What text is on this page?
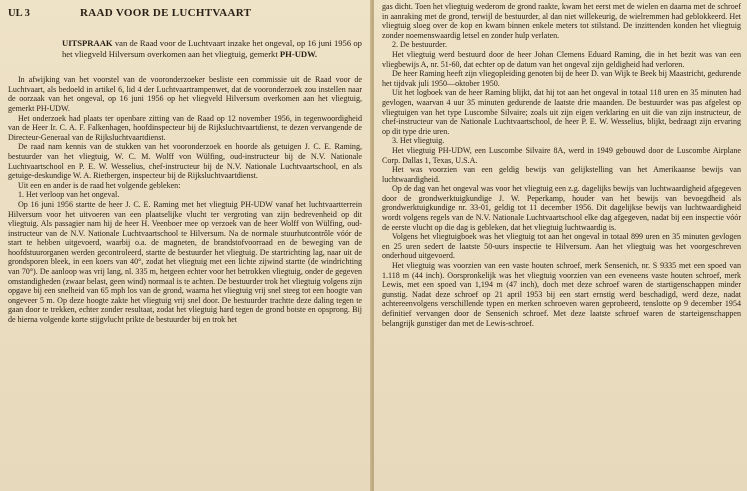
UL 3	RAAD VOOR DE LUCHTVAART
UITSPRAAK van de Raad voor de Luchtvaart inzake het ongeval, op 16 juni 1956 op het vliegveld Hilversum overkomen aan het vliegtuig, gemerkt PH-UDW.

In afwijking van het voorstel van de vooronderzoeker besliste een commissie uit de Raad voor de Luchtvaart, als bedoeld in artikel 6, lid 4 der Luchtvaartrampenwet, dat de vooronderzoek zou instellen naar de oorzaak van het ongeval, op 16 juni 1956 op het vliegveld Hilversum overkomen aan het vliegtuig, gemerkt PH-UDW.

Het onderzoek had plaats ter openbare zitting van de Raad op 12 november 1956, in tegenwoordigheid van de Heer Ir. C. A. F. Falkenhagen, hoofdinspecteur bij de Rijksluchtvaartdienst, te dezen vervangende de Directeur-Generaal van de Rijksluchtvaartdienst.

De raad nam kennis van de stukken van het vooronderzoek en hoorde als getuigen J. C. E. Raming, bestuurder van het vliegtuig, W. C. M. Wolff von Wülfing, oud-instructeur bij de N.V. Nationale Luchtvaartschool en P. E. W. Wesselius, chef-instructeur bij de N.V. Nationale Luchtvaartschool, en als getuige-deskundige W. A. Rietbergen, inspecteur bij de Rijksluchtvaartdienst.

Uit een en ander is de raad het volgende gebleken:

1. Het verloop van het ongeval.

Op 16 juni 1956 startte de heer J. C. E. Raming met het vliegtuig PH-UDW vanaf het luchtvaartterrein Hilversum voor het uitvoeren van een plaatselijke vlucht ter vergroting van zijn bedrevenheid op dit vliegtuig. Als passagier nam hij de heer H. Veenboer mee op verzoek van de heer Wolff von Wülfing, oud-instructeur van de N.V. Nationale Luchtvaartschool te Hilversum. Na de normale stuurhutcontrôle vóór de start te hebben uitgevoerd, waarbij o.a. de magneten, de brandstofvoorraad en de beweging van de hoofdstuurorganen werden gecontroleerd, startte de bestuurder het vliegtuig. De startrichting lag, naar uit de grondsporen bleek, in een koers van 40°, zodat het vliegtuig met een lichte zijwind startte (de windrichting van 70°). De aanloop was vrij lang, nl. 335 m, hetgeen echter voor het betrokken vliegtuig, onder de gegeven omstandigheden (zwaar belast, geen wind) normaal is te achten. De bestuurder trok het vliegtuig volgens zijn opgave bij een snelheid van 65 mph los van de grond, waarna het vliegtuig vrij snel steeg tot een hoogte van ongeveer 5 m. Op deze hoogte zakte het vliegtuig vrij snel door. De bestuurder trachtte deze daling tegen te gaan door te trekken, echter zonder resultaat, zodat het vliegtuig hard tegen de grond botste en opsprong. Bij de hierna volgende korte stijgvlucht prikte de bestuurder bij en trok het

gas dicht. Toen het vliegtuig wederom de grond raakte, kwam het eerst met de wielen en daarna met de schroef in aanraking met de grond, terwijl de bestuurder, al dan niet willekeurig, de wielremmen had geblokkeerd. Het vliegtuig sloeg over de kop en kwam binnen enkele meters tot stilstand. De inzittenden konden het vliegtuig zonder noemenswaardig letsel en zonder hulp verlaten.

2. De bestuurder.

Het vliegtuig werd bestuurd door de heer Johan Clemens Eduard Raming, die in het bezit was van een vliegbewijs A, nr. 51-60, dat echter op de datum van het ongeval zijn geldigheid had verloren.

De heer Raming heeft zijn vliegopleiding genoten bij de heer D. van Wijk te Beek bij Maastricht, gedurende het tijdvak juli 1950—oktober 1950.

Uit het logboek van de heer Raming blijkt, dat hij tot aan het ongeval in totaal 118 uren en 35 minuten had gevlogen, waarvan 4 uur 35 minuten gedurende de laatste drie maanden. De bestuurder was pas afgelest op vliegtuigen van het type Luscombe Silvaire; zoals uit zijn eigen verklaring en uit die van zijn instructeur, de chef-instructeur van de Nationale Luchtvaartschool, de heer P. E. W. Wesselius, blijkt, bedraagt zijn ervaring op dit type drie uren.

3. Het vliegtuig.

Het vliegtuig PH-UDW, een Luscombe Silvaire 8A, werd in 1949 gebouwd door de Luscombe Airplane Corp. Dallas 1, Texas, U.S.A.

Het was voorzien van een geldig bewijs van gelijkstelling van het Amerikaanse bewijs van luchtwaardigheid.

Op de dag van het ongeval was voor het vliegtuig een z.g. dagelijks bewijs van luchtwaardigheid afgegeven door de grondwerktuigkundige J. W. Peperkamp, houder van het bewijs van bevoegdheid als grondwerktuigkundige nr. 33-01, geldig tot 11 december 1956. Dit dagelijkse bewijs van luchtwaardigheid wordt volgens regels van de N.V. Nationale Luchtvaartschool elke dag afgegeven, nadat bij een inspectie vóór de eerste vlucht op die dag is gebleken, dat het vliegtuig luchtwaardig is.

Volgens het vliegtuigboek was het vliegtuig tot aan het ongeval in totaal 899 uren en 35 minuten gevlogen en 25 uren sedert de laatste 50-uurs inspectie te Hilversum. Aan het vliegtuig was het voorgeschreven onderhoud uitgevoerd.

Het vliegtuig was voorzien van een vaste houten schroef, merk Sensenich, nr. S 9335 met een spoed van 1.118 m (44 inch). Oorspronkelijk was het vliegtuig voorzien van een eveneens vaste houten schroef, merk Lewis, met een spoed van 1,194 m (47 inch), doch met deze schroef waren de startigenschappen minder gunstig. Nadat deze schroef op 21 april 1953 bij een start ernstig werd beschadigd, werd deze, nadat achtereenvolgens verschillende typen en merken schroeven waren geprobeerd, tenslotte op 9 december 1954 definitief vervangen door de Sensenich schroef. Met deze laatste schroef waren de starteigenschappen belangrijk gunstiger dan met de Lewis-schroef.
